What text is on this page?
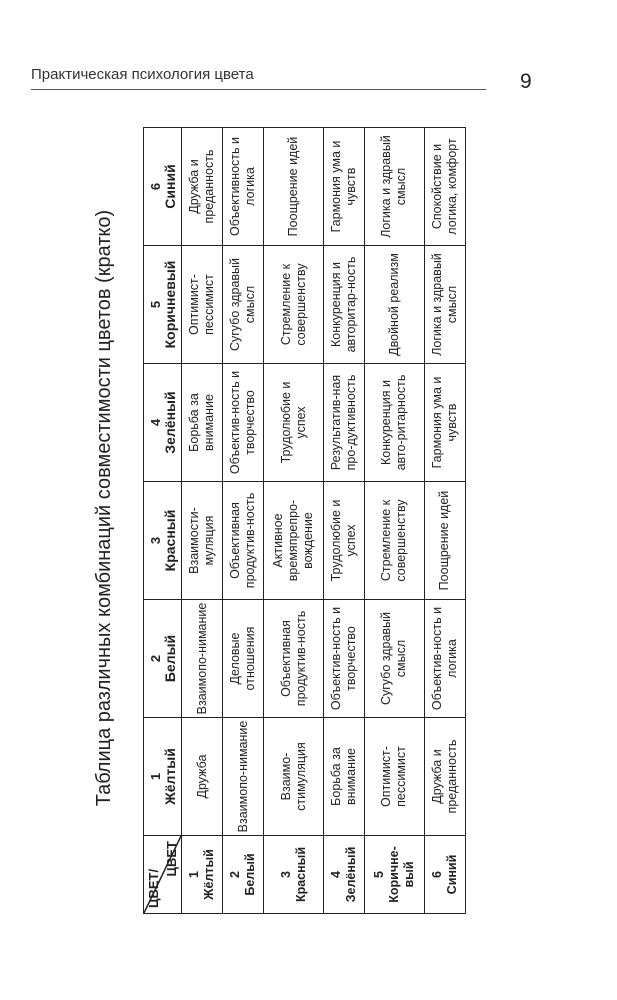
Практическая психология цвета	9
Таблица различных комбинаций совместимости цветов (кратко)
ЦВЕТ/
ЦВЕТ	1 Жёлтый	2 Белый	3 Красный	4 Зелёный	5 Коричневый	6 Синий

1 Жёлтый	Дружба	Взаимопо-нимание	Взаимости-муляция	Борьба за внимание	Оптимист-пессимист	Дружба и преданность

2 Белый	Взаимопо-нимание	Деловые отношения	Объективная продуктив-ность	Объектив-ность и творчество	Сугубо здравый смысл	Объективность и логика

3 Красный	Взаимо-стимуляция	Объективная продуктив-ность	Активное времяпрепро-вождение	Трудолюбие и успех	Стремление к совершенству	Поощрение идей

4 Зелёный	Борьба за внимание	Объектив-ность и творчество	Трудолюбие и успех	Результатив-ная про-дуктивность	Конкуренция и авторитар-ность	Гармония ума и чувств

5 Коричне-вый	Оптимист-пессимист	Сугубо здравый смысл	Стремление к совершенству	Конкуренция и авто-ритарность	Двойной реализм	Логика и здравый смысл

6 Синий	Дружба и преданность	Объектив-ность и логика	Поощрение идей	Гармония ума и чувств	Логика и здравый смысл	Спокойствие и логика, комфорт
